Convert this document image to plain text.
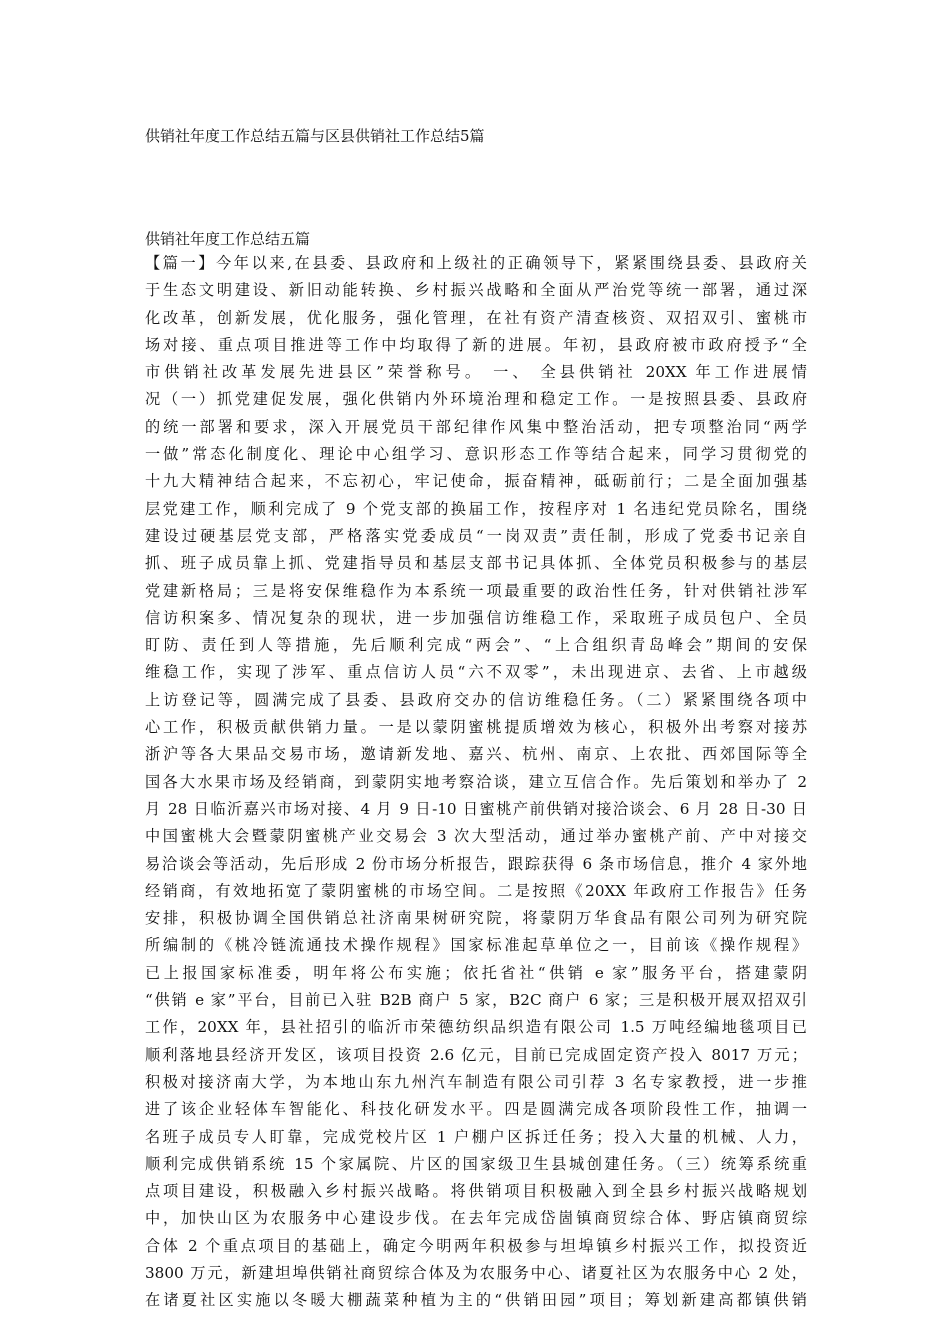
供销社年度工作总结五篇与区县供销社工作总结5篇
供销社年度工作总结五篇
【篇一】今年以来,在县委、县政府和上级社的正确领导下，紧紧围绕县委、县政府关
于生态文明建设、新旧动能转换、乡村振兴战略和全面从严治党等统一部署，通过深
化改革，创新发展，优化服务，强化管理，在社有资产清查核资、双招双引、蜜桃市
场对接、重点项目推进等工作中均取得了新的进展。年初，县政府被市政府授予“全
市供销社改革发展先进县区”荣誉称号。 一、 全县供销社 20XX 年工作进展情
况（一）抓党建促发展，强化供销内外环境治理和稳定工作。一是按照县委、县政府
的统一部署和要求，深入开展党员干部纪律作风集中整治活动，把专项整治同“两学
一做”常态化制度化、理论中心组学习、意识形态工作等结合起来，同学习贯彻党的
十九大精神结合起来，不忘初心，牢记使命，振奋精神，砥砺前行；二是全面加强基
层党建工作，顺利完成了 9 个党支部的换届工作，按程序对 1 名违纪党员除名，围绕
建设过硬基层党支部，严格落实党委成员“一岗双责”责任制，形成了党委书记亲自
抓、班子成员靠上抓、党建指导员和基层支部书记具体抓、全体党员积极参与的基层
党建新格局；三是将安保维稳作为本系统一项最重要的政治性任务，针对供销社涉军
信访积案多、情况复杂的现状，进一步加强信访维稳工作，采取班子成员包户、全员
盯防、责任到人等措施，先后顺利完成“两会”、“上合组织青岛峰会”期间的安保
维稳工作，实现了涉军、重点信访人员“六不双零”，未出现进京、去省、上市越级
上访登记等，圆满完成了县委、县政府交办的信访维稳任务。（二）紧紧围绕各项中
心工作，积极贡献供销力量。一是以蒙阴蜜桃提质增效为核心，积极外出考察对接苏
浙沪等各大果品交易市场，邀请新发地、嘉兴、杭州、南京、上农批、西郊国际等全
国各大水果市场及经销商，到蒙阴实地考察洽谈，建立互信合作。先后策划和举办了 2
月 28 日临沂嘉兴市场对接、4 月 9 日-10 日蜜桃产前供销对接洽谈会、6 月 28 日-30 日
中国蜜桃大会暨蒙阴蜜桃产业交易会 3 次大型活动，通过举办蜜桃产前、产中对接交
易洽谈会等活动，先后形成 2 份市场分析报告，跟踪获得 6 条市场信息，推介 4 家外地
经销商，有效地拓宽了蒙阴蜜桃的市场空间。二是按照《20XX 年政府工作报告》任务
安排，积极协调全国供销总社济南果树研究院，将蒙阴万华食品有限公司列为研究院
所编制的《桃冷链流通技术操作规程》国家标准起草单位之一，目前该《操作规程》
已上报国家标准委，明年将公布实施；依托省社“供销 e 家”服务平台，搭建蒙阴
“供销 e 家”平台，目前已入驻 B2B 商户 5 家，B2C 商户 6 家；三是积极开展双招双引
工作，20XX 年，县社招引的临沂市荣德纺织品织造有限公司 1.5 万吨经编地毯项目已
顺利落地县经济开发区，该项目投资 2.6 亿元，目前已完成固定资产投入 8017 万元；
积极对接济南大学，为本地山东九州汽车制造有限公司引荐 3 名专家教授，进一步推
进了该企业轻体车智能化、科技化研发水平。四是圆满完成各项阶段性工作，抽调一
名班子成员专人盯靠，完成党校片区 1 户棚户区拆迁任务；投入大量的机械、人力，
顺利完成供销系统 15 个家属院、片区的国家级卫生县城创建任务。（三）统筹系统重
点项目建设，积极融入乡村振兴战略。将供销项目积极融入到全县乡村振兴战略规划
中，加快山区为农服务中心建设步伐。在去年完成岱崮镇商贸综合体、野店镇商贸综
合体 2 个重点项目的基础上，确定今明两年积极参与坦埠镇乡村振兴工作，拟投资近
3800 万元，新建坦埠供销社商贸综合体及为农服务中心、诸夏社区为农服务中心 2 处，
在诸夏社区实施以冬暖大棚蔬菜种植为主的“供销田园”项目；筹划新建高都镇供销
